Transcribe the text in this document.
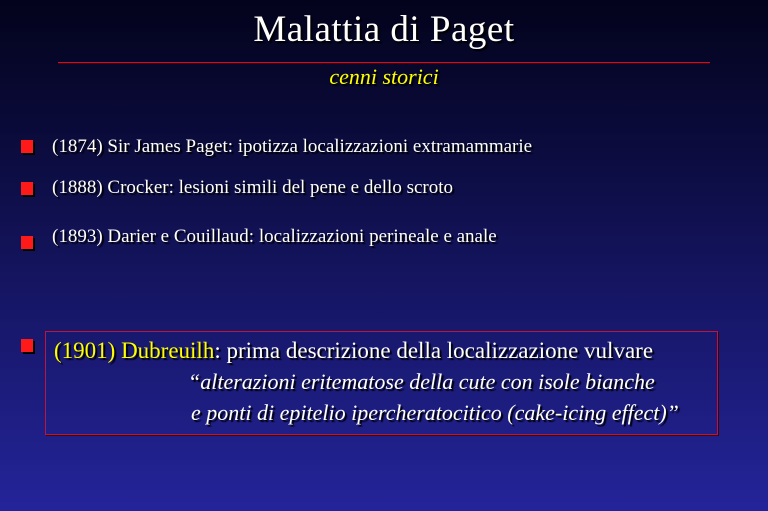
Malattia di Paget
cenni storici
(1874) Sir James Paget: ipotizza localizzazioni extramammarie
(1888) Crocker: lesioni simili del pene e dello scroto
(1893) Darier e Couillaud: localizzazioni perineale e anale
(1901) Dubreuilh: prima descrizione della localizzazione vulvare
“alterazioni eritematose della cute con isole bianche
e ponti di epitelio ipercheratocitico (cake-icing effect)”
